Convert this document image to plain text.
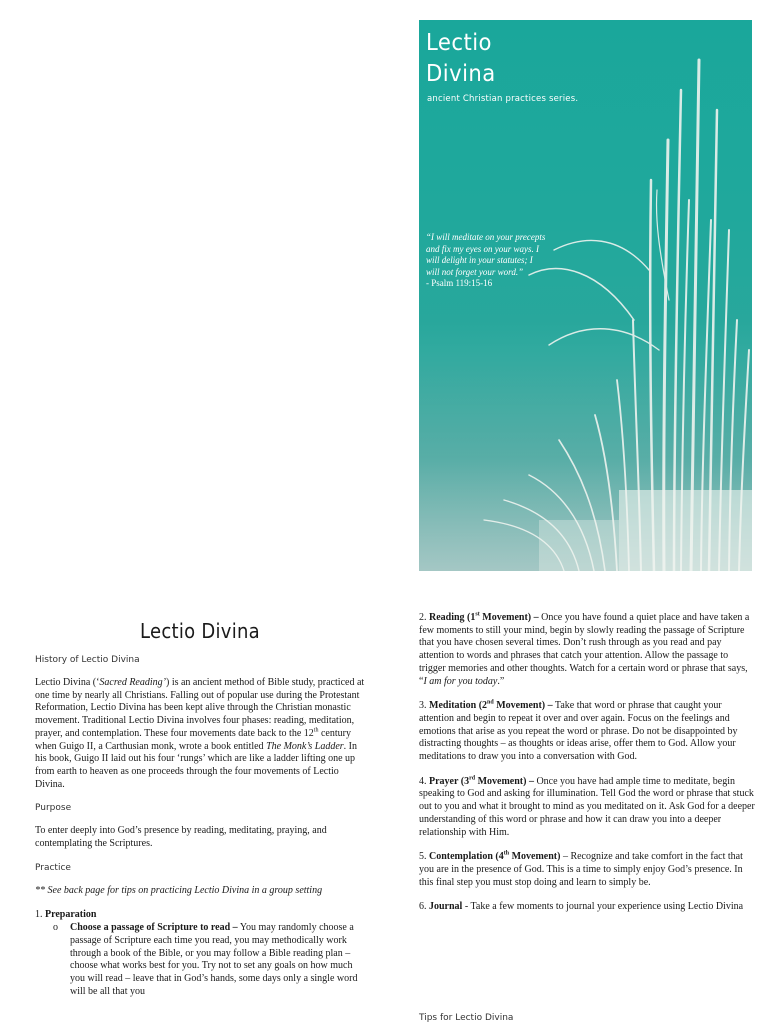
Lectio
Divina
ancient Christian practices series.
“I will meditate on your precepts and fix my eyes on your ways. I will delight in your statutes; I will not forget your word.”
- Psalm 119:15-16
Lectio Divina
History of Lectio Divina

Lectio Divina (‘Sacred Reading’) is an ancient method of Bible study, practiced at one time by nearly all Christians. Falling out of popular use during the Protestant Reformation, Lectio Divina has been kept alive through the Christian monastic movement. Traditional Lectio Divina involves four phases: reading, meditation, prayer, and contemplation. These four movements date back to the 12th century when Guigo II, a Carthusian monk, wrote a book entitled The Monk’s Ladder. In his book, Guigo II laid out his four ‘rungs’ which are like a ladder lifting one up from earth to heaven as one proceeds through the four movements of Lectio Divina.

Purpose

To enter deeply into God’s presence by reading, meditating, praying, and contemplating the Scriptures.

Practice

** See back page for tips on practicing Lectio Divina in a group setting

1. Preparation
o	Choose a passage of Scripture to read – You may randomly choose a passage of Scripture each time you read, you may methodically work through a book of the Bible, or you may follow a Bible reading plan – choose what works best for you. Try not to set any goals on how much you will read – leave that in God’s hands, some days only a single word will be all that you

2. Reading (1st Movement) – Once you have found a quiet place and have taken a few moments to still your mind, begin by slowly reading the passage of Scripture that you have chosen several times. Don’t rush through as you read and pay attention to words and phrases that catch your attention. Allow the passage to trigger memories and other thoughts. Watch for a certain word or phrase that says, “I am for you today.”

3. Meditation (2nd Movement) – Take that word or phrase that caught your attention and begin to repeat it over and over again. Focus on the feelings and emotions that arise as you repeat the word or phrase. Do not be disappointed by distracting thoughts – as thoughts or ideas arise, offer them to God. Allow your meditations to draw you into a conversation with God.

4. Prayer (3rd Movement) – Once you have had ample time to meditate, begin speaking to God and asking for illumination. Tell God the word or phrase that stuck out to you and what it brought to mind as you meditated on it. Ask God for a deeper understanding of this word or phrase and how it can draw you into a deeper relationship with Him.

5. Contemplation (4th Movement) – Recognize and take comfort in the fact that you are in the presence of God. This is a time to simply enjoy God’s presence. In this final step you must stop doing and learn to simply be.

6. Journal - Take a few moments to journal your experience using Lectio Divina

Tips for Lectio Divina
